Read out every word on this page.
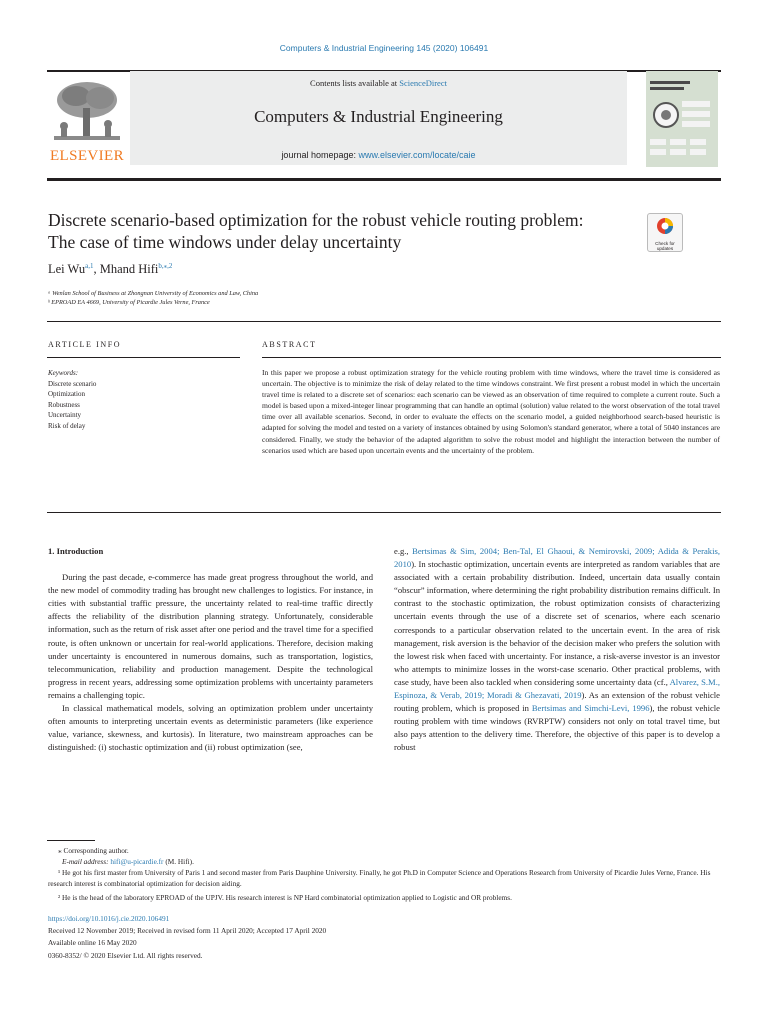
Computers & Industrial Engineering 145 (2020) 106491
ELSEVIER
Contents lists available at ScienceDirect
Computers & Industrial Engineering
journal homepage: www.elsevier.com/locate/caie
Discrete scenario-based optimization for the robust vehicle routing problem:
The case of time windows under delay uncertainty	Check for updates
Lei Wu$^{a,1}$, Mhand Hifi$^{b,⁎,2}$
ᵃ Wenlan School of Business at Zhongnan University of Economics and Law, China
ᵇ EPROAD EA 4669, University of Picardie Jules Verne, France
ARTICLE INFO	ABSTRACT
Keywords:
Discrete scenario
Optimization
Robustness
Uncertainty
Risk of delay
In this paper we propose a robust optimization strategy for the vehicle routing problem with time windows, where the travel time is considered as uncertain. The objective is to minimize the risk of delay related to the time windows constraint. We first present a robust model in which the uncertain travel time is related to a discrete set of scenarios: each scenario can be viewed as an observation of time required to complete a current route. Such a model is based upon a mixed-integer linear programming that can handle an optimal (solution) value related to the worst observation of the total travel time over all available scenarios. Second, in order to evaluate the effects on the scenario model, a guided neighborhood search-based heuristic is adapted for solving the model and tested on a variety of instances obtained by using Solomon's standard generator, where a total of 5040 instances are considered. Finally, we study the behavior of the adapted algorithm to solve the robust model and highlight the interaction between the number of scenarios used which are based upon uncertain events and the uncertainty of the problem.

1. Introduction

During the past decade, e-commerce has made great progress throughout the world, and the new model of commodity trading has brought new challenges to logistics. For instance, in cities with substantial traffic pressure, the uncertainty related to real-time traffic directly affects the reliability of the distribution planning strategy. Unfortunately, considerable information, such as the return of risk asset after one period and the travel time for a specified route, is often unknown or uncertain for real-world applications. Therefore, decision making under uncertainty is encountered in numerous domains, such as transportation, logistics, telecommunication, reliability and production management. Despite the technological progress in recent years, addressing some optimization problems with uncertainty parameters remains a challenging topic.

In classical mathematical models, solving an optimization problem under uncertainty often amounts to interpreting uncertain events as deterministic parameters (like experience value, variance, skewness, and kurtosis). In literature, two mainstream approaches can be distinguished: (i) stochastic optimization and (ii) robust optimization (see,

e.g., Bertsimas & Sim, 2004; Ben-Tal, El Ghaoui, & Nemirovski, 2009; Adida & Perakis, 2010). In stochastic optimization, uncertain events are interpreted as random variables that are associated with a certain probability distribution. Indeed, uncertain data usually contain “obscur” information, where determining the right probability distribution remains difficult. In contrast to the stochastic optimization, the robust optimization consists of characterizing uncertain events through the use of a discrete set of scenarios, where each scenario corresponds to a particular observation related to the uncertain event. In the area of risk management, risk aversion is the behavior of the decision maker who prefers the solution with the lowest risk when faced with uncertainty. For instance, a risk-averse investor is an investor who attempts to minimize losses in the worst-case scenario. Other practical problems, with case study, have been also tackled when considering some uncertainty data (cf., Alvarez, S.M., Espinoza, & Verab, 2019; Moradi & Ghezavati, 2019). As an extension of the robust vehicle routing problem, which is proposed in Bertsimas and Simchi-Levi, 1996), the robust vehicle routing problem with time windows (RVRPTW) considers not only on total travel time, but also pays attention to the delivery time. Therefore, the objective of this paper is to develop a robust

⁎ Corresponding author.
E-mail address: hifi@u-picardie.fr (M. Hifi).
¹ He got his first master from University of Paris 1 and second master from Paris Dauphine University. Finally, he got Ph.D in Computer Science and Operations Research from University of Picardie Jules Verne, France. His research interest is combinatorial optimization for decision aiding.
² He is the head of the laboratory EPROAD of the UPJV. His research interest is NP Hard combinatorial optimization applied to Logistic and OR problems.
https://doi.org/10.1016/j.cie.2020.106491
Received 12 November 2019; Received in revised form 11 April 2020; Accepted 17 April 2020
Available online 16 May 2020
0360-8352/ © 2020 Elsevier Ltd. All rights reserved.
